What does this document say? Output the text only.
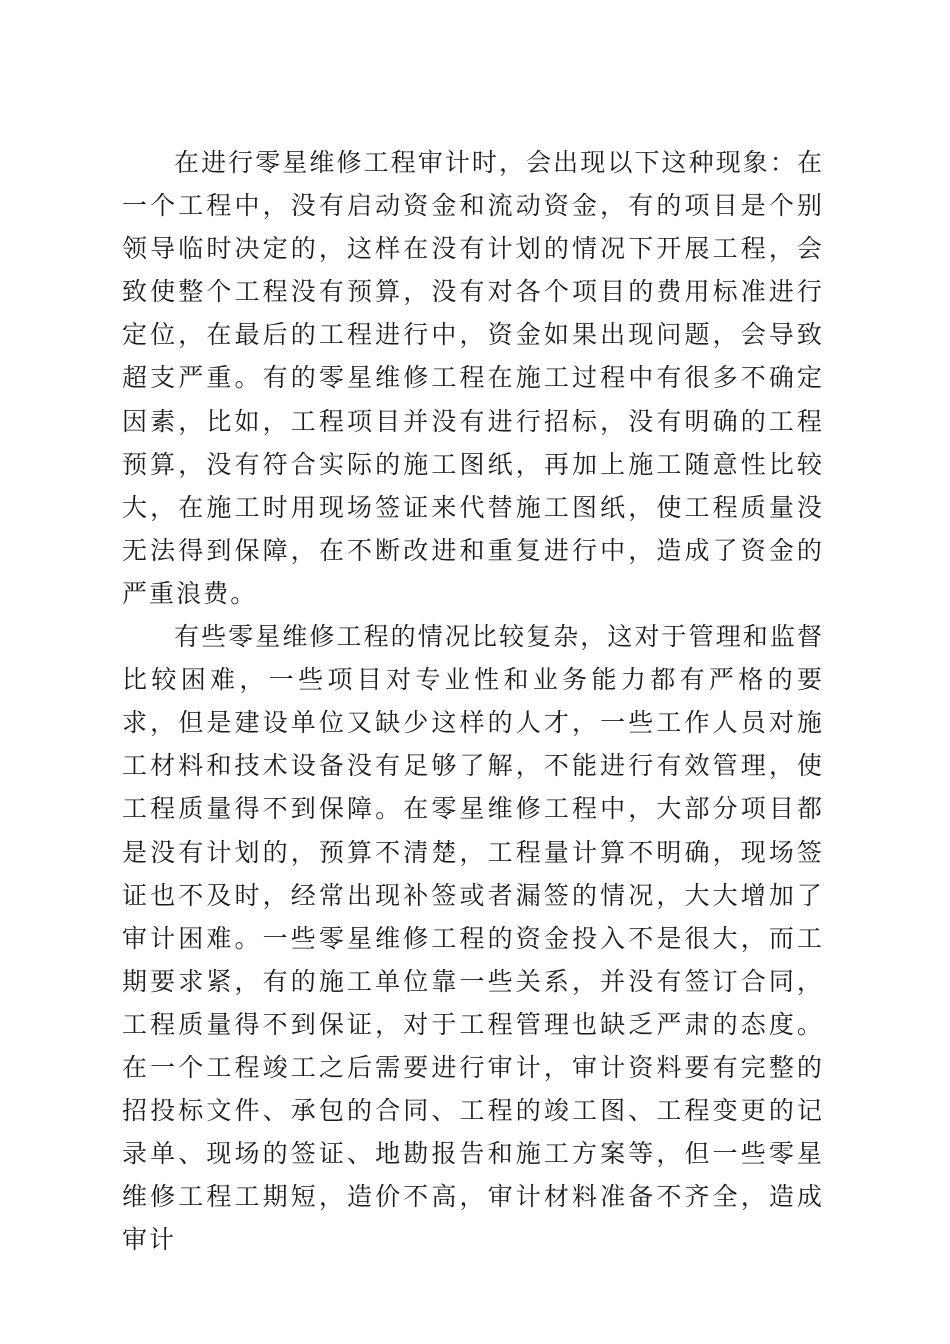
在进行零星维修工程审计时，会出现以下这种现象：在一个工程中，没有启动资金和流动资金，有的项目是个别领导临时决定的，这样在没有计划的情况下开展工程，会致使整个工程没有预算，没有对各个项目的费用标准进行定位，在最后的工程进行中，资金如果出现问题，会导致超支严重。有的零星维修工程在施工过程中有很多不确定因素，比如，工程项目并没有进行招标，没有明确的工程预算，没有符合实际的施工图纸，再加上施工随意性比较大，在施工时用现场签证来代替施工图纸，使工程质量没无法得到保障，在不断改进和重复进行中，造成了资金的严重浪费。

有些零星维修工程的情况比较复杂，这对于管理和监督比较困难，一些项目对专业性和业务能力都有严格的要求，但是建设单位又缺少这样的人才，一些工作人员对施工材料和技术设备没有足够了解，不能进行有效管理，使工程质量得不到保障。在零星维修工程中，大部分项目都是没有计划的，预算不清楚，工程量计算不明确，现场签证也不及时，经常出现补签或者漏签的情况，大大增加了审计困难。一些零星维修工程的资金投入不是很大，而工期要求紧，有的施工单位靠一些关系，并没有签订合同，工程质量得不到保证，对于工程管理也缺乏严肃的态度。在一个工程竣工之后需要进行审计，审计资料要有完整的招投标文件、承包的合同、工程的竣工图、工程变更的记录单、现场的签证、地勘报告和施工方案等，但一些零星维修工程工期短，造价不高，审计材料准备不齐全，造成审计
